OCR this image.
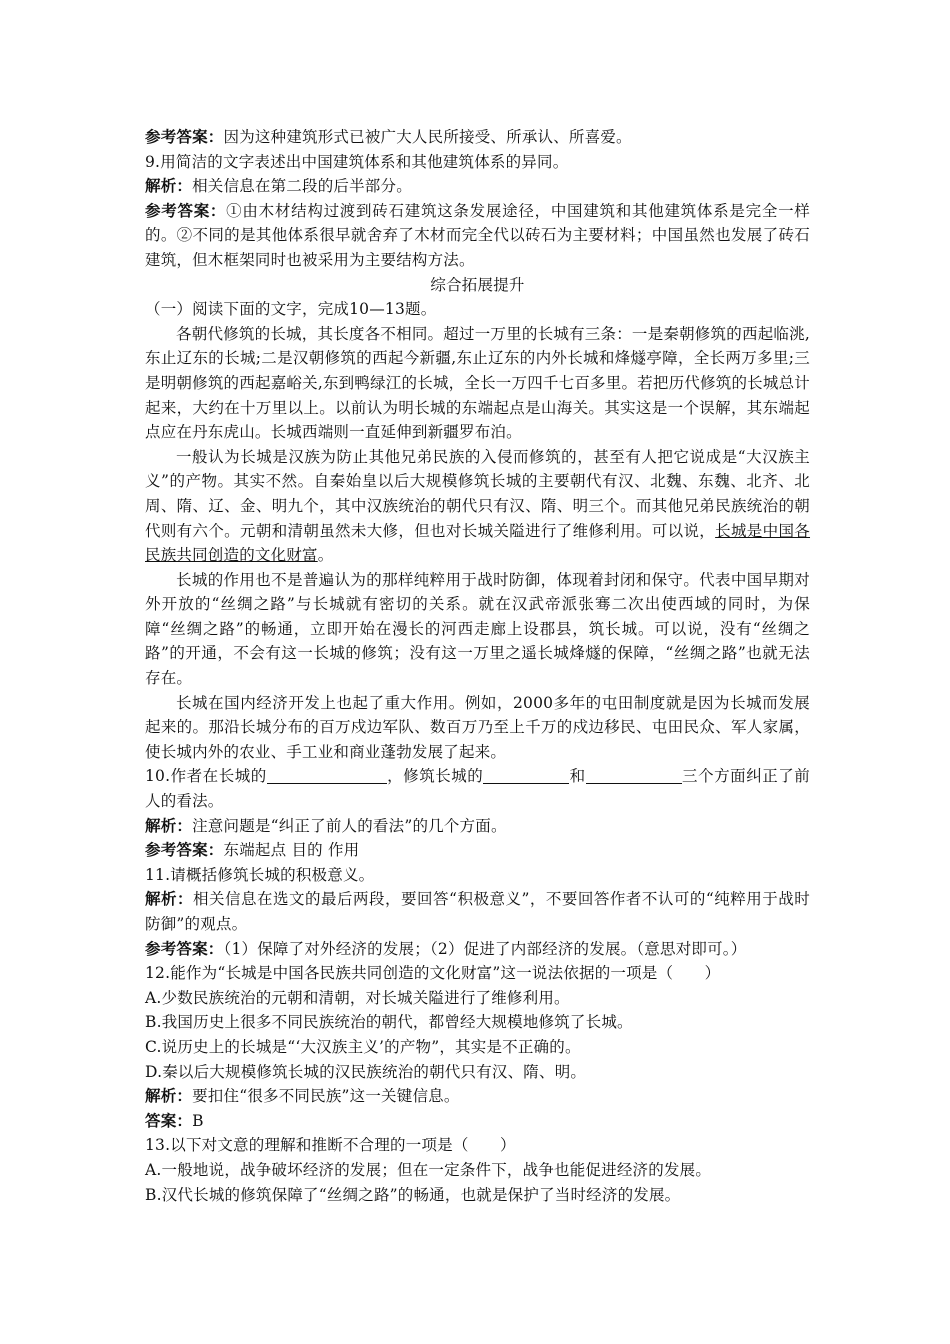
参考答案：因为这种建筑形式已被广大人民所接受、所承认、所喜爱。
9.用简洁的文字表述出中国建筑体系和其他建筑体系的异同。
解析：相关信息在第二段的后半部分。
参考答案：①由木材结构过渡到砖石建筑这条发展途径，中国建筑和其他建筑体系是完全一样的。②不同的是其他体系很早就舍弃了木材而完全代以砖石为主要材料；中国虽然也发展了砖石建筑，但木框架同时也被采用为主要结构方法。
综合拓展提升
（一）阅读下面的文字，完成10—13题。
各朝代修筑的长城，其长度各不相同。超过一万里的长城有三条：一是秦朝修筑的西起临洮,东止辽东的长城;二是汉朝修筑的西起今新疆,东止辽东的内外长城和烽燧亭障，全长两万多里;三是明朝修筑的西起嘉峪关,东到鸭绿江的长城，全长一万四千七百多里。若把历代修筑的长城总计起来，大约在十万里以上。以前认为明长城的东端起点是山海关。其实这是一个误解，其东端起点应在丹东虎山。长城西端则一直延伸到新疆罗布泊。
一般认为长城是汉族为防止其他兄弟民族的入侵而修筑的，甚至有人把它说成是“大汉族主义”的产物。其实不然。自秦始皇以后大规模修筑长城的主要朝代有汉、北魏、东魏、北齐、北周、隋、辽、金、明九个，其中汉族统治的朝代只有汉、隋、明三个。而其他兄弟民族统治的朝代则有六个。元朝和清朝虽然未大修，但也对长城关隘进行了维修利用。可以说，长城是中国各民族共同创造的文化财富。
长城的作用也不是普遍认为的那样纯粹用于战时防御，体现着封闭和保守。代表中国早期对外开放的“丝绸之路”与长城就有密切的关系。就在汉武帝派张骞二次出使西域的同时，为保障“丝绸之路”的畅通，立即开始在漫长的河西走廊上设郡县，筑长城。可以说，没有“丝绸之路”的开通，不会有这一长城的修筑；没有这一万里之遥长城烽燧的保障，“丝绸之路”也就无法存在。
长城在国内经济开发上也起了重大作用。例如，2000多年的屯田制度就是因为长城而发展起来的。那沿长城分布的百万戍边军队、数百万乃至上千万的戍边移民、屯田民众、军人家属，使长城内外的农业、手工业和商业蓬勃发展了起来。
10.作者在长城的	，修筑长城的	和	三个方面纠正了前人的看法。
解析：注意问题是“纠正了前人的看法”的几个方面。
参考答案：东端起点 目的 作用
11.请概括修筑长城的积极意义。
解析：相关信息在选文的最后两段，要回答“积极意义”，不要回答作者不认可的“纯粹用于战时防御”的观点。
参考答案：（1）保障了对外经济的发展；（2）促进了内部经济的发展。（意思对即可。）
12.能作为“长城是中国各民族共同创造的文化财富”这一说法依据的一项是（　　）
A.少数民族统治的元朝和清朝，对长城关隘进行了维修利用。
B.我国历史上很多不同民族统治的朝代，都曾经大规模地修筑了长城。
C.说历史上的长城是“‘大汉族主义’的产物”，其实是不正确的。
D.秦以后大规模修筑长城的汉民族统治的朝代只有汉、隋、明。
解析：要扣住“很多不同民族”这一关键信息。
答案：B
13.以下对文意的理解和推断不合理的一项是（　　）
A.一般地说，战争破坏经济的发展；但在一定条件下，战争也能促进经济的发展。
B.汉代长城的修筑保障了“丝绸之路”的畅通，也就是保护了当时经济的发展。
